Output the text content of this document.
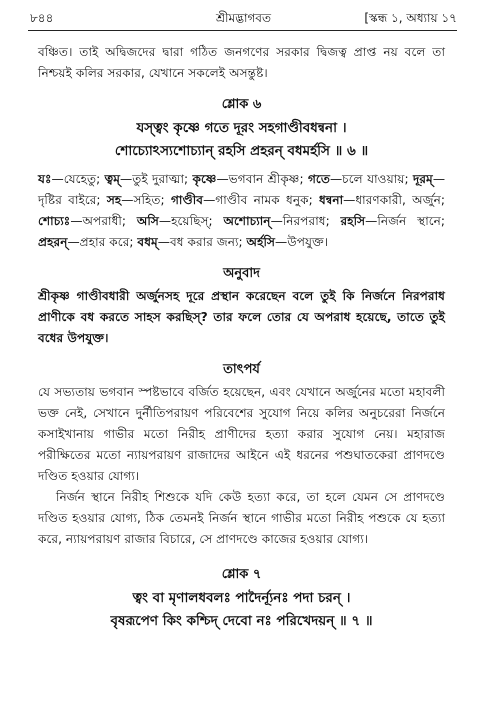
৮৪৪	শ্রীমদ্ভাগবত	[স্কন্ধ ১, অধ্যায় ১৭

বঞ্চিত। তাই অদ্বিজদের দ্বারা গঠিত জনগণের সরকার দ্বিজত্ব প্রাপ্ত নয় বলে তা নিশ্চয়ই কলির সরকার, যেখানে সকলেই অসন্তুষ্ট।

শ্লোক ৬

যস্ত্বং কৃষ্ণে গতে দূরং সহগাণ্ডীবধন্বনা ।

শোচ্যোঽস্যশোচ্যান্ রহসি প্রহরন্ বধমর্হসি ॥ ৬ ॥

যঃ—যেহেতু; ত্বম্—তুই দুরাত্মা; কৃষ্ণে—ভগবান শ্রীকৃষ্ণ; গতে—চলে যাওয়ায়; দূরম্—দৃষ্টির বাইরে; সহ—সহিত; গাণ্ডীব—গাণ্ডীব নামক ধনুক; ধন্বনা—ধারণকারী, অর্জুন; শোচ্যঃ—অপরাধী; অসি—হয়েছিস্; অশোচ্যান্—নিরপরাধ; রহসি—নির্জন স্থানে; প্রহরন্—প্রহার করে; বধম্—বধ করার জন্য; অর্হসি—উপযুক্ত।

অনুবাদ

শ্রীকৃষ্ণ গাণ্ডীবধারী অর্জুনসহ দূরে প্রস্থান করেছেন বলে তুই কি নির্জনে নিরপরাধ প্রাণীকে বধ করতে সাহস করছিস্? তার ফলে তোর যে অপরাধ হয়েছে, তাতে তুই বধের উপযুক্ত।

তাৎপর্য

যে সভ্যতায় ভগবান স্পষ্টভাবে বর্জিত হয়েছেন, এবং যেখানে অর্জুনের মতো মহাবলী ভক্ত নেই, সেখানে দুর্নীতিপরায়ণ পরিবেশের সুযোগ নিয়ে কলির অনুচরেরা নির্জনে কসাইখানায় গাভীর মতো নিরীহ প্রাণীদের হত্যা করার সুযোগ নেয়। মহারাজ পরীক্ষিতের মতো ন্যায়পরায়ণ রাজাদের আইনে এই ধরনের পশুঘাতকেরা প্রাণদণ্ডে দণ্ডিত হওয়ার যোগ্য।

নির্জন স্থানে নিরীহ শিশুকে যদি কেউ হত্যা করে, তা হলে যেমন সে প্রাণদণ্ডে দণ্ডিত হওয়ার যোগ্য, ঠিক তেমনই নির্জন স্থানে গাভীর মতো নিরীহ পশুকে যে হত্যা করে, ন্যায়পরায়ণ রাজার বিচারে, সে প্রাণদণ্ডে কাজের হওয়ার যোগ্য।

শ্লোক ৭

ত্বং বা মৃণালধবলঃ পাদৈর্ন্যূনঃ পদা চরন্ ।

বৃষরূপেণ কিং কশ্চিদ্ দেবো নঃ পরিখেদয়ন্ ॥ ৭ ॥
